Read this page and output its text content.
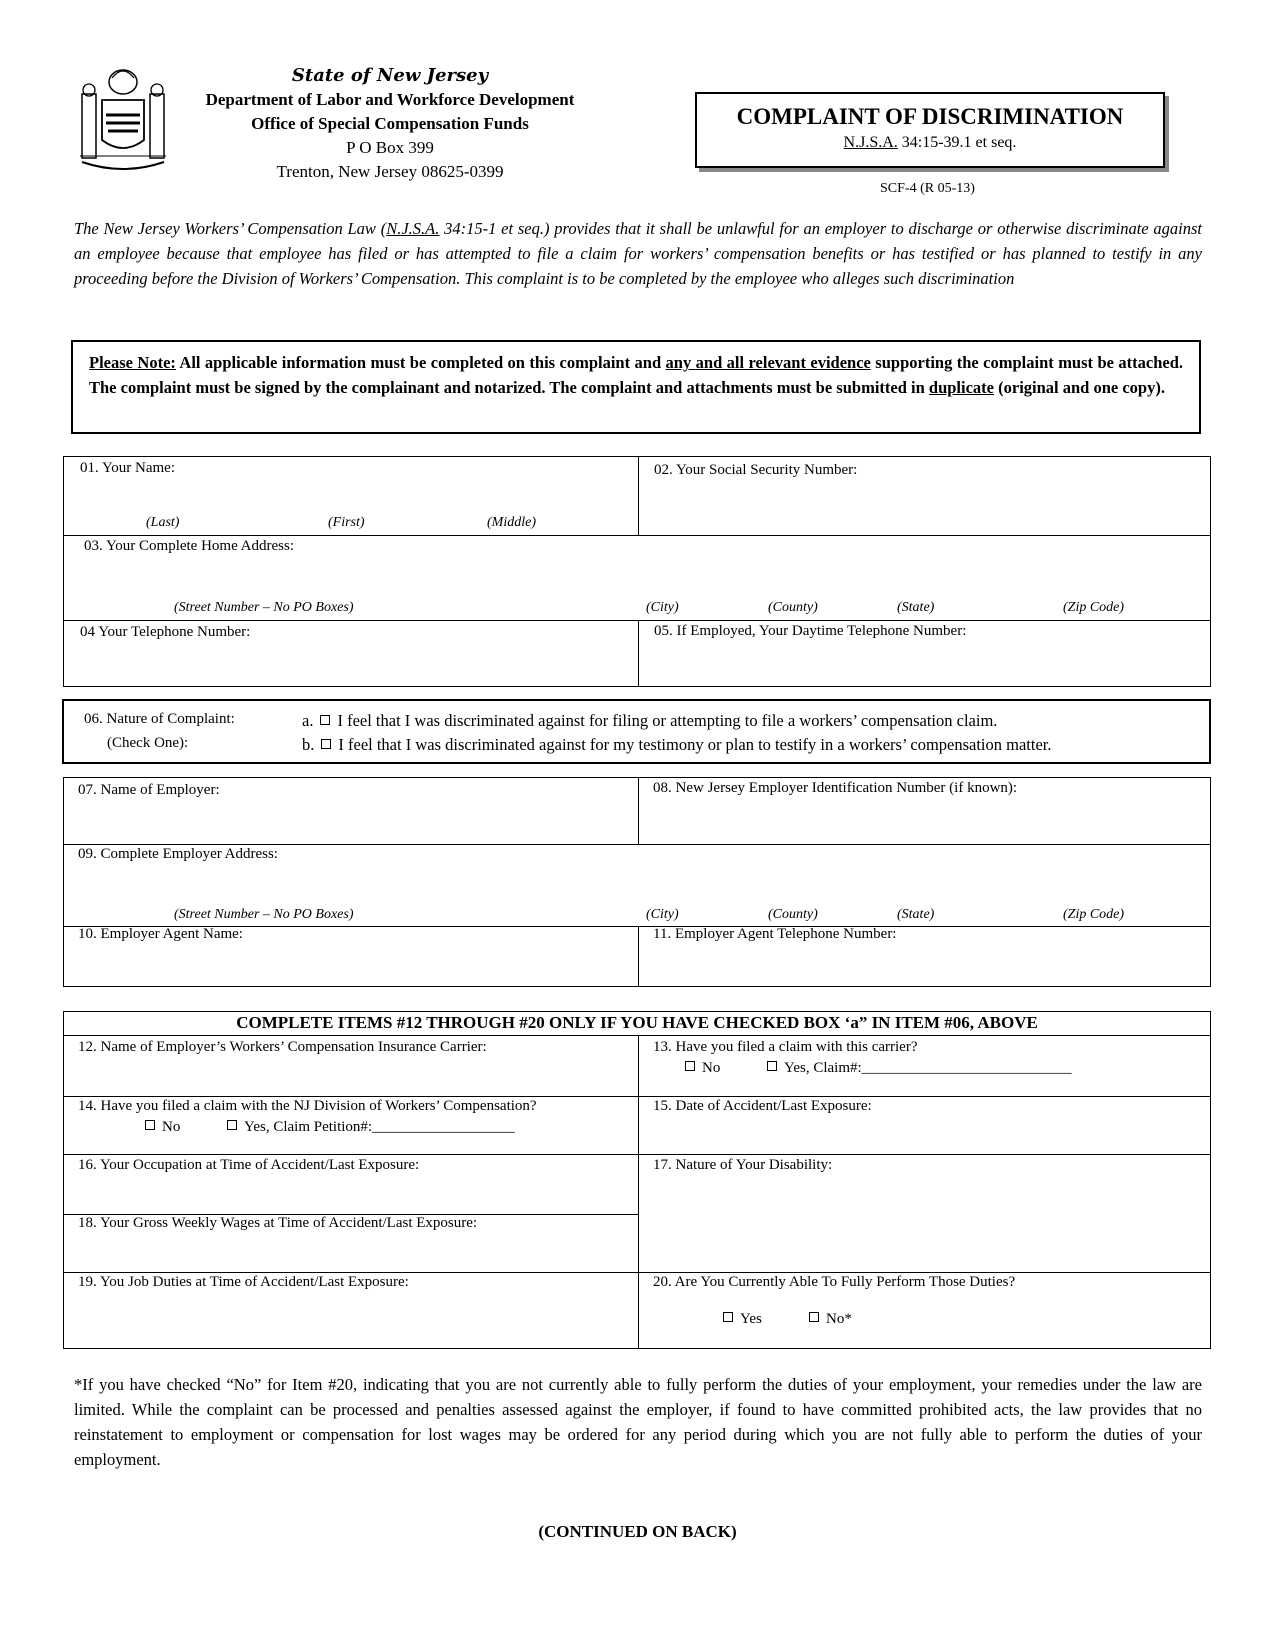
State of New Jersey
Department of Labor and Workforce Development
Office of Special Compensation Funds
P O Box 399
Trenton, New Jersey 08625-0399
COMPLAINT OF DISCRIMINATION
N.J.S.A. 34:15-39.1 et seq.
SCF-4 (R 05-13)
The New Jersey Workers’ Compensation Law (N.J.S.A. 34:15-1 et seq.) provides that it shall be unlawful for an employer to discharge or otherwise discriminate against an employee because that employee has filed or has attempted to file a claim for workers’ compensation benefits or has testified or has planned to testify in any proceeding before the Division of Workers’ Compensation. This complaint is to be completed by the employee who alleges such discrimination
Please Note: All applicable information must be completed on this complaint and any and all relevant evidence supporting the complaint must be attached. The complaint must be signed by the complainant and notarized. The complaint and attachments must be submitted in duplicate (original and one copy).
01. Your Name:
(Last)	(First)	(Middle)
02. Your Social Security Number:
03. Your Complete Home Address:
(Street Number – No PO Boxes)	(City)	(County)	(State)	(Zip Code)
04 Your Telephone Number:	05. If Employed, Your Daytime Telephone Number:
06. Nature of Complaint:
(Check One):
a. I feel that I was discriminated against for filing or attempting to file a workers’ compensation claim.
b. I feel that I was discriminated against for my testimony or plan to testify in a workers’ compensation matter.
07. Name of Employer:	08. New Jersey Employer Identification Number (if known):
09. Complete Employer Address:
(Street Number – No PO Boxes)	(City)	(County)	(State)	(Zip Code)
10. Employer Agent Name:	11. Employer Agent Telephone Number:
COMPLETE ITEMS #12 THROUGH #20 ONLY IF YOU HAVE CHECKED BOX ‘a” IN ITEM #06, ABOVE
12. Name of Employer’s Workers’ Compensation Insurance Carrier:	13. Have you filed a claim with this carrier?
No	Yes, Claim#:____________________________
14. Have you filed a claim with the NJ Division of Workers’ Compensation?
No	Yes, Claim Petition#:___________________
15. Date of Accident/Last Exposure:
16. Your Occupation at Time of Accident/Last Exposure:	17. Nature of Your Disability:
18. Your Gross Weekly Wages at Time of Accident/Last Exposure:
19. You Job Duties at Time of Accident/Last Exposure:	20. Are You Currently Able To Fully Perform Those Duties?
Yes	No*
*If you have checked “No” for Item #20, indicating that you are not currently able to fully perform the duties of your employment, your remedies under the law are limited. While the complaint can be processed and penalties assessed against the employer, if found to have committed prohibited acts, the law provides that no reinstatement to employment or compensation for lost wages may be ordered for any period during which you are not fully able to perform the duties of your employment.
(CONTINUED ON BACK)
